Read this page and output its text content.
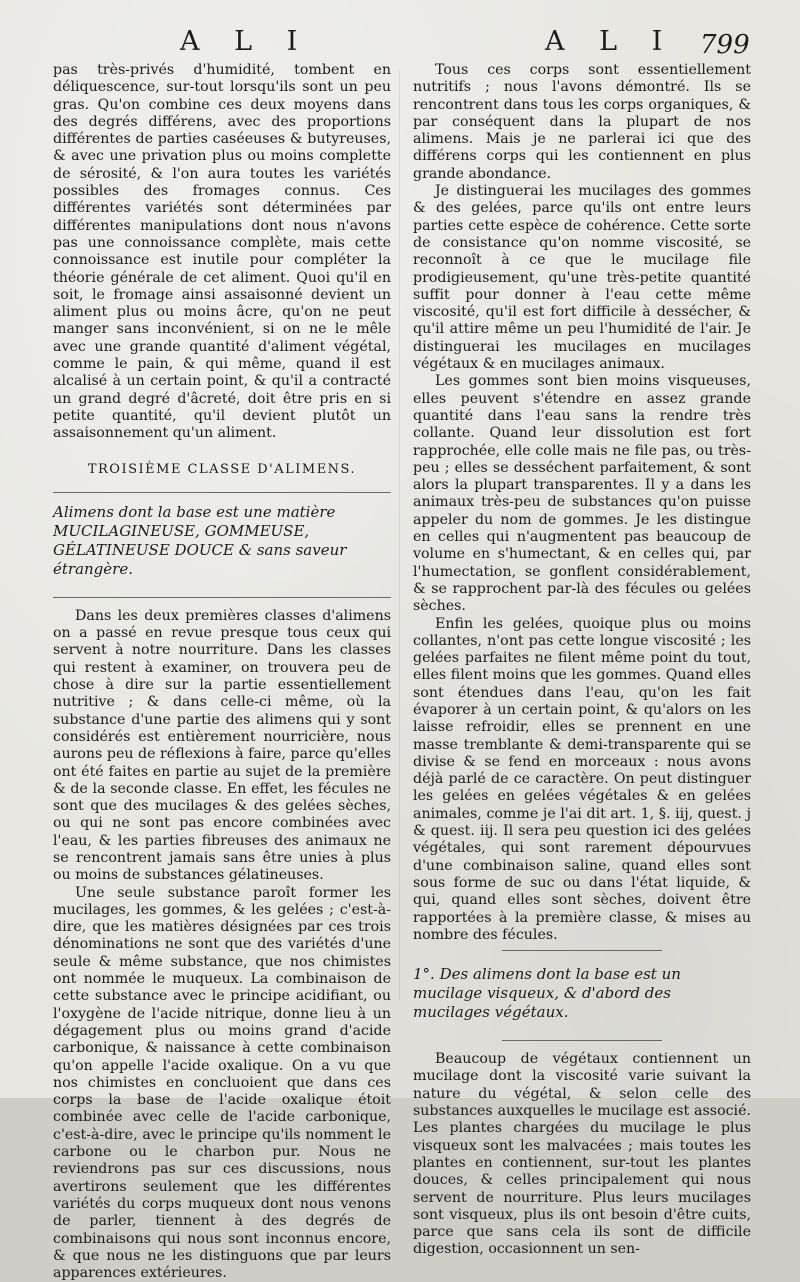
A L I	A L I 799

pas très-privés d'humidité, tombent en déliquescence, sur-tout lorsqu'ils sont un peu gras. Qu'on combine ces deux moyens dans des degrés différens, avec des proportions différentes de parties caséeuses & butyreuses, & avec une privation plus ou moins complette de sérosité, & l'on aura toutes les variétés possibles des fromages connus. Ces différentes variétés sont déterminées par différentes manipulations dont nous n'avons pas une connoissance complète, mais cette connoissance est inutile pour compléter la théorie générale de cet aliment. Quoi qu'il en soit, le fromage ainsi assaisonné devient un aliment plus ou moins âcre, qu'on ne peut manger sans inconvénient, si on ne le mêle avec une grande quantité d'aliment végétal, comme le pain, & qui même, quand il est alcalisé à un certain point, & qu'il a contracté un grand degré d'âcreté, doit être pris en si petite quantité, qu'il devient plutôt un assaisonnement qu'un aliment.

TROISIÈME CLASSE D'ALIMENS.
Alimens dont la base est une matière MUCILAGINEUSE, GOMMEUSE, GÉLATINEUSE DOUCE & sans saveur étrangère.

Dans les deux premières classes d'alimens on a passé en revue presque tous ceux qui servent à notre nourriture. Dans les classes qui restent à examiner, on trouvera peu de chose à dire sur la partie essentiellement nutritive ; & dans celle-ci même, où la substance d'une partie des alimens qui y sont considérés est entièrement nourricière, nous aurons peu de réflexions à faire, parce qu'elles ont été faites en partie au sujet de la première & de la seconde classe. En effet, les fécules ne sont que des mucilages & des gelées sèches, ou qui ne sont pas encore combinées avec l'eau, & les parties fibreuses des animaux ne se rencontrent jamais sans être unies à plus ou moins de substances gélatineuses.

Une seule substance paroît former les mucilages, les gommes, & les gelées ; c'est-à-dire, que les matières désignées par ces trois dénominations ne sont que des variétés d'une seule & même substance, que nos chimistes ont nommée le muqueux. La combinaison de cette substance avec le principe acidifiant, ou l'oxygène de l'acide nitrique, donne lieu à un dégagement plus ou moins grand d'acide carbonique, & naissance à cette combinaison qu'on appelle l'acide oxalique. On a vu que nos chimistes en concluoient que dans ces corps la base de l'acide oxalique étoit combinée avec celle de l'acide carbonique, c'est-à-dire, avec le principe qu'ils nomment le carbone ou le charbon pur. Nous ne reviendrons pas sur ces discussions, nous avertirons seulement que les différentes variétés du corps muqueux dont nous venons de parler, tiennent à des degrés de combinaisons qui nous sont inconnus encore, & que nous ne les distinguons que par leurs apparences extérieures.

Tous ces corps sont essentiellement nutritifs ; nous l'avons démontré. Ils se rencontrent dans tous les corps organiques, & par conséquent dans la plupart de nos alimens. Mais je ne parlerai ici que des différens corps qui les contiennent en plus grande abondance.

Je distinguerai les mucilages des gommes & des gelées, parce qu'ils ont entre leurs parties cette espèce de cohérence. Cette sorte de consistance qu'on nomme viscosité, se reconnoît à ce que le mucilage file prodigieusement, qu'une très-petite quantité suffit pour donner à l'eau cette même viscosité, qu'il est fort difficile à dessécher, & qu'il attire même un peu l'humidité de l'air. Je distinguerai les mucilages en mucilages végétaux & en mucilages animaux.

Les gommes sont bien moins visqueuses, elles peuvent s'étendre en assez grande quantité dans l'eau sans la rendre très collante. Quand leur dissolution est fort rapprochée, elle colle mais ne file pas, ou très-peu ; elles se desséchent parfaitement, & sont alors la plupart transparentes. Il y a dans les animaux très-peu de substances qu'on puisse appeler du nom de gommes. Je les distingue en celles qui n'augmentent pas beaucoup de volume en s'humectant, & en celles qui, par l'humectation, se gonflent considérablement, & se rapprochent par-là des fécules ou gelées sèches.

Enfin les gelées, quoique plus ou moins collantes, n'ont pas cette longue viscosité ; les gelées parfaites ne filent même point du tout, elles filent moins que les gommes. Quand elles sont étendues dans l'eau, qu'on les fait évaporer à un certain point, & qu'alors on les laisse refroidir, elles se prennent en une masse tremblante & demi-transparente qui se divise & se fend en morceaux : nous avons déjà parlé de ce caractère. On peut distinguer les gelées en gelées végétales & en gelées animales, comme je l'ai dit art. 1, §. iij, quest. j & quest. iij. Il sera peu question ici des gelées végétales, qui sont rarement dépourvues d'une combinaison saline, quand elles sont sous forme de suc ou dans l'état liquide, & qui, quand elles sont sèches, doivent être rapportées à la première classe, & mises au nombre des fécules.

1°. Des alimens dont la base est un mucilage visqueux, & d'abord des mucilages végétaux.

Beaucoup de végétaux contiennent un mucilage dont la viscosité varie suivant la nature du végétal, & selon celle des substances auxquelles le mucilage est associé. Les plantes chargées du mucilage le plus visqueux sont les malvacées ; mais toutes les plantes en contiennent, sur-tout les plantes douces, & celles principalement qui nous servent de nourriture. Plus leurs mucilages sont visqueux, plus ils ont besoin d'être cuits, parce que sans cela ils sont de difficile digestion, occasionnent un sen-
